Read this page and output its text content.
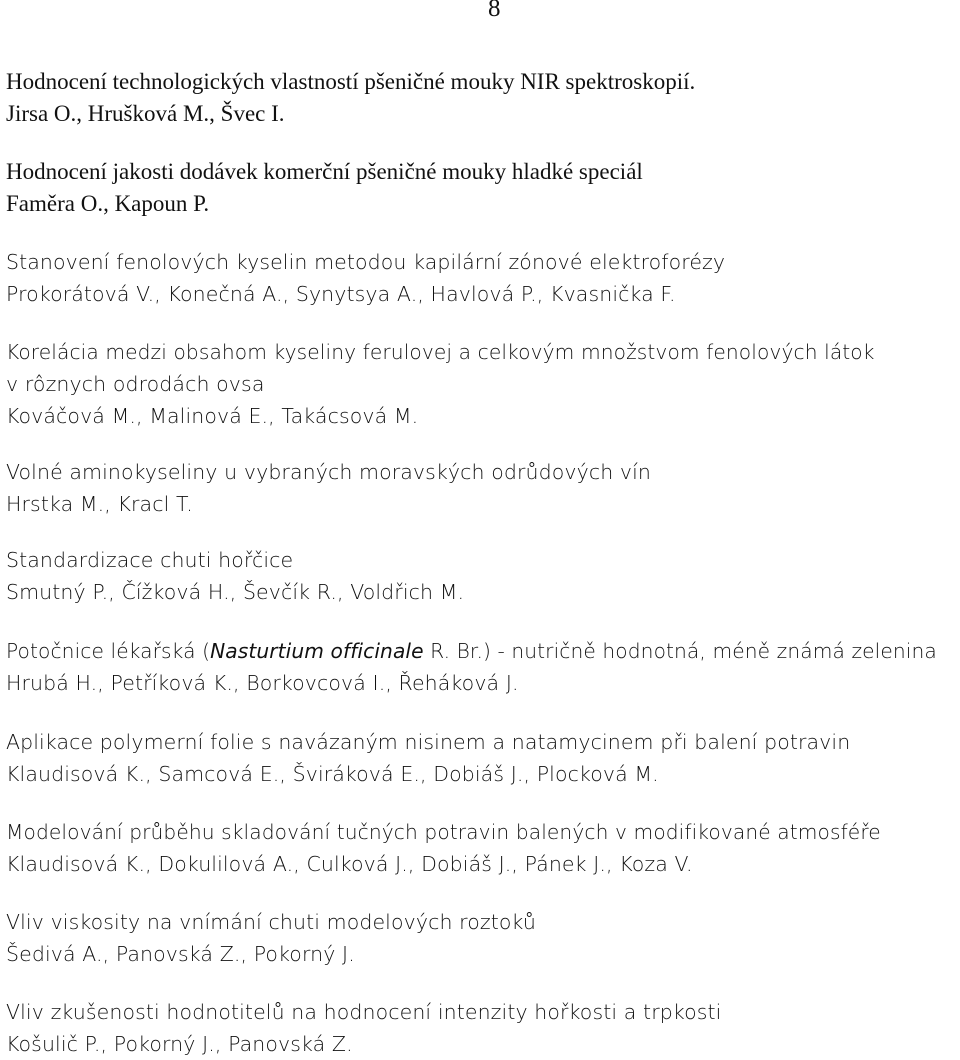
8
Hodnocení technologických vlastností pšeničné mouky NIR spektroskopií.
Jirsa O., Hrušková M., Švec I.
Hodnocení jakosti dodávek komerční pšeničné mouky hladké speciál
Faměra O., Kapoun P.
Stanovení fenolových kyselin metodou kapilární zónové elektroforézy
Prokorátová V., Konečná A., Synytsya A., Havlová P., Kvasnička F.
Korelácia medzi obsahom kyseliny ferulovej a celkovým množstvom fenolových látok
v rôznych odrodách ovsa
Kováčová M., Malinová E., Takácsová M.
Volné aminokyseliny u vybraných moravských odrůdových vín
Hrstka M., Kracl T.
Standardizace chuti hořčice
Smutný P., Čížková H., Ševčík R., Voldřich M.
Potočnice lékařská (Nasturtium officinale R. Br.) - nutričně hodnotná, méně známá zelenina
Hrubá H., Petříková K., Borkovcová I., Řeháková J.
Aplikace polymerní folie s navázaným nisinem a natamycinem při balení potravin
Klaudisová K., Samcová E., Šviráková E., Dobiáš J., Plocková M.
Modelování průběhu skladování tučných potravin balených v modifikované atmosféře
Klaudisová K., Dokulilová A., Culková J., Dobiáš J., Pánek J., Koza V.
Vliv viskosity na vnímání chuti modelových roztoků
Šedivá A., Panovská Z., Pokorný J.
Vliv zkušenosti hodnotitelů na hodnocení intenzity hořkosti a trpkosti
Košulič P., Pokorný J., Panovská Z.
